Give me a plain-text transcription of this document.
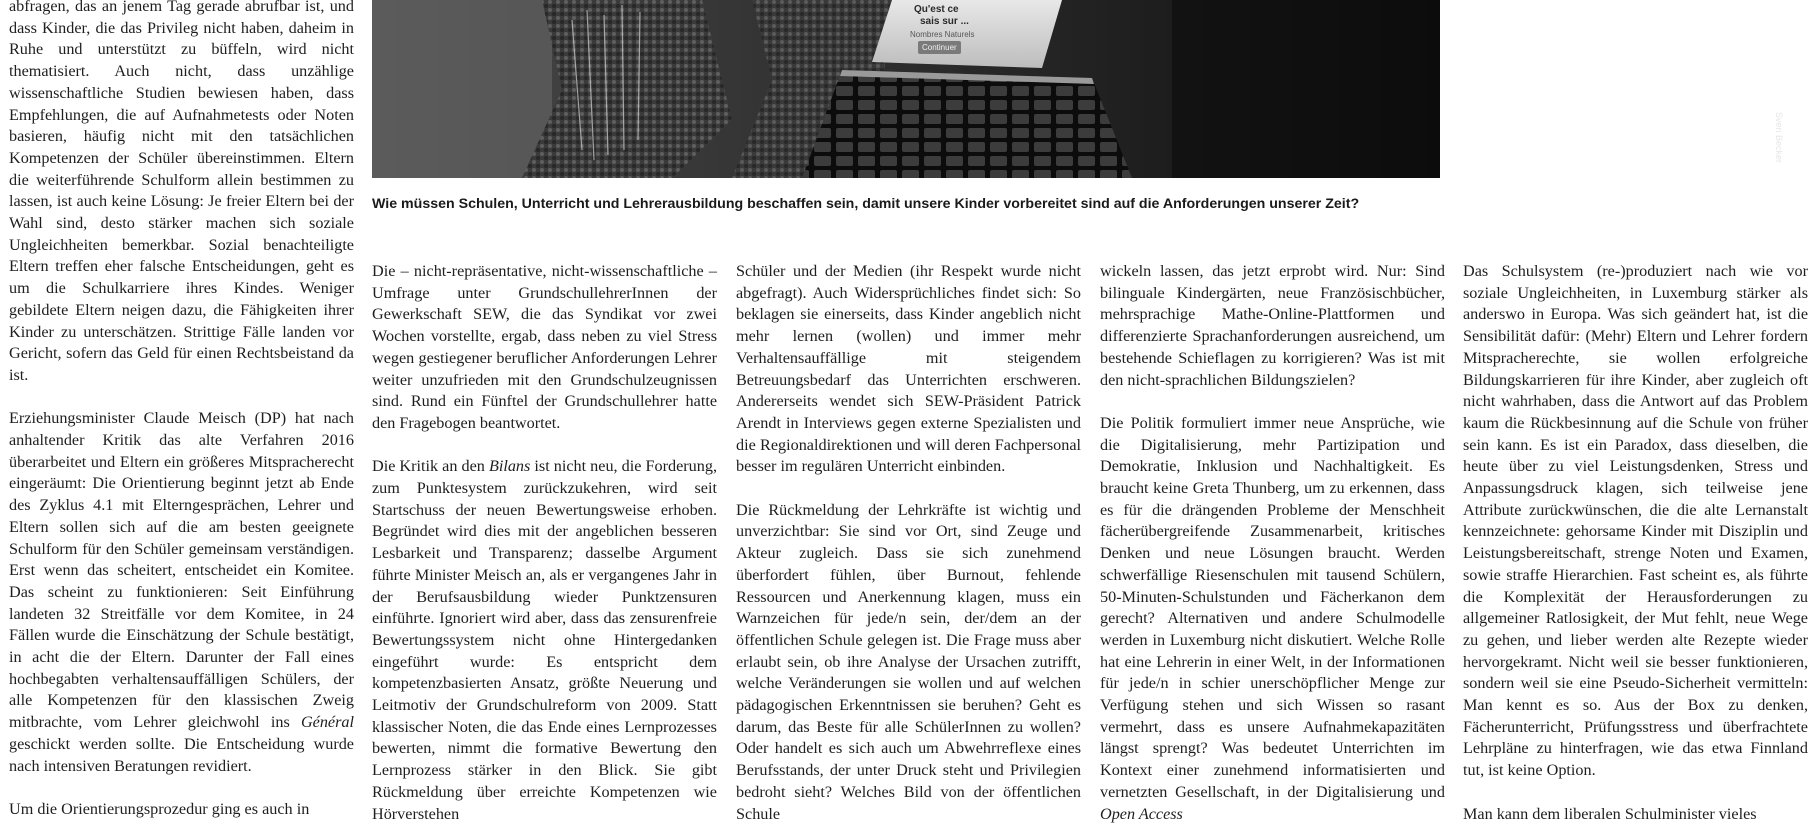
Qu'est ce
sais sur ...
Nombres Naturels
Continuer
Sven Becker
Wie müssen Schulen, Unterricht und Lehrerausbildung beschaffen sein, damit unsere Kinder vorbereitet sind auf die Anforderungen unserer Zeit?

abfragen, das an jenem Tag gerade abrufbar ist, und dass Kinder, die das Privileg nicht haben, daheim in Ruhe und unterstützt zu büffeln, wird nicht thematisiert. Auch nicht, dass unzählige wissenschaftliche Studien bewiesen haben, dass Empfehlungen, die auf Aufnahmetests oder Noten basieren, häufig nicht mit den tatsächlichen Kompetenzen der Schüler übereinstimmen. Eltern die weiterführende Schulform allein bestimmen zu lassen, ist auch keine Lösung: Je freier Eltern bei der Wahl sind, desto stärker machen sich soziale Ungleichheiten bemerkbar. Sozial benachteiligte Eltern treffen eher falsche Entscheidungen, geht es um die Schulkarriere ihres Kindes. Weniger gebildete Eltern neigen dazu, die Fähigkeiten ihrer Kinder zu unterschätzen. Strittige Fälle landen vor Gericht, sofern das Geld für einen Rechtsbeistand da ist.

Erziehungsminister Claude Meisch (DP) hat nach anhaltender Kritik das alte Verfahren 2016 überarbeitet und Eltern ein größeres Mitspracherecht eingeräumt: Die Orientierung beginnt jetzt ab Ende des Zyklus 4.1 mit Elterngesprächen, Lehrer und Eltern sollen sich auf die am besten geeignete Schulform für den Schüler gemeinsam verständigen. Erst wenn das scheitert, entscheidet ein Komitee. Das scheint zu funktionieren: Seit Einführung landeten 32 Streitfälle vor dem Komitee, in 24 Fällen wurde die Einschätzung der Schule bestätigt, in acht die der Eltern. Darunter der Fall eines hochbegabten verhaltensauffälligen Schülers, der alle Kompetenzen für den klassischen Zweig mitbrachte, vom Lehrer gleichwohl ins Général geschickt werden sollte. Die Entscheidung wurde nach intensiven Beratungen revidiert.

Um die Orientierungsprozedur ging es auch in

Die – nicht-repräsentative, nicht-wissenschaftliche – Umfrage unter GrundschullehrerInnen der Gewerkschaft SEW, die das Syndikat vor zwei Wochen vorstellte, ergab, dass neben zu viel Stress wegen gestiegener beruflicher Anforderungen Lehrer weiter unzufrieden mit den Grundschulzeugnissen sind. Rund ein Fünftel der Grundschullehrer hatte den Fragebogen beantwortet.

Die Kritik an den Bilans ist nicht neu, die Forderung, zum Punktesystem zurückzukehren, wird seit Startschuss der neuen Bewertungsweise erhoben. Begründet wird dies mit der angeblichen besseren Lesbarkeit und Transparenz; dasselbe Argument führte Minister Meisch an, als er vergangenes Jahr in der Berufsausbildung wieder Punktzensuren einführte. Ignoriert wird aber, dass das zensurenfreie Bewertungssystem nicht ohne Hintergedanken eingeführt wurde: Es entspricht dem kompetenzbasierten Ansatz, größte Neuerung und Leitmotiv der Grundschulreform von 2009. Statt klassischer Noten, die das Ende eines Lernprozesses bewerten, nimmt die formative Bewertung den Lernprozess stärker in den Blick. Sie gibt Rückmeldung über erreichte Kompetenzen wie Hörverstehen

Schüler und der Medien (ihr Respekt wurde nicht abgefragt). Auch Widersprüchliches findet sich: So beklagen sie einerseits, dass Kinder angeblich nicht mehr lernen (wollen) und immer mehr Verhaltensauffällige mit steigendem Betreuungsbedarf das Unterrichten erschweren. Andererseits wendet sich SEW-Präsident Patrick Arendt in Interviews gegen externe Spezialisten und die Regionaldirektionen und will deren Fachpersonal besser im regulären Unterricht einbinden.

Die Rückmeldung der Lehrkräfte ist wichtig und unverzichtbar: Sie sind vor Ort, sind Zeuge und Akteur zugleich. Dass sie sich zunehmend überfordert fühlen, über Burnout, fehlende Ressourcen und Anerkennung klagen, muss ein Warnzeichen für jede/n sein, der/dem an der öffentlichen Schule gelegen ist. Die Frage muss aber erlaubt sein, ob ihre Analyse der Ursachen zutrifft, welche Veränderungen sie wollen und auf welchen pädagogischen Erkenntnissen sie beruhen? Geht es darum, das Beste für alle SchülerInnen zu wollen? Oder handelt es sich auch um Abwehrreflexe eines Berufsstands, der unter Druck steht und Privilegien bedroht sieht? Welches Bild von der öffentlichen Schule

wickeln lassen, das jetzt erprobt wird. Nur: Sind bilinguale Kindergärten, neue Französischbücher, mehrsprachige Mathe-Online-Plattformen und differenzierte Sprachanforderungen ausreichend, um bestehende Schieflagen zu korrigieren? Was ist mit den nicht-sprachlichen Bildungszielen?

Die Politik formuliert immer neue Ansprüche, wie die Digitalisierung, mehr Partizipation und Demokratie, Inklusion und Nachhaltigkeit. Es braucht keine Greta Thunberg, um zu erkennen, dass es für die drängenden Probleme der Menschheit fächerübergreifende Zusammenarbeit, kritisches Denken und neue Lösungen braucht. Werden schwerfällige Riesenschulen mit tausend Schülern, 50-Minuten-Schulstunden und Fächerkanon dem gerecht? Alternativen und andere Schulmodelle werden in Luxemburg nicht diskutiert. Welche Rolle hat eine Lehrerin in einer Welt, in der Informationen für jede/n in schier unerschöpflicher Menge zur Verfügung stehen und sich Wissen so rasant vermehrt, dass es unsere Aufnahmekapazitäten längst sprengt? Was bedeutet Unterrichten im Kontext einer zunehmend informatisierten und vernetzten Gesellschaft, in der Digitalisierung und Open Access

Das Schulsystem (re-)produziert nach wie vor soziale Ungleichheiten, in Luxemburg stärker als anderswo in Europa. Was sich geändert hat, ist die Sensibilität dafür: (Mehr) Eltern und Lehrer fordern Mitspracherechte, sie wollen erfolgreiche Bildungskarrieren für ihre Kinder, aber zugleich oft nicht wahrhaben, dass die Antwort auf das Problem kaum die Rückbesinnung auf die Schule von früher sein kann. Es ist ein Paradox, dass dieselben, die heute über zu viel Leistungsdenken, Stress und Anpassungsdruck klagen, sich teilweise jene Attribute zurückwünschen, die die alte Lernanstalt kennzeichnete: gehorsame Kinder mit Disziplin und Leistungsbereitschaft, strenge Noten und Examen, sowie straffe Hierarchien. Fast scheint es, als führte die Komplexität der Herausforderungen zu allgemeiner Ratlosigkeit, der Mut fehlt, neue Wege zu gehen, und lieber werden alte Rezepte wieder hervorgekramt. Nicht weil sie besser funktionieren, sondern weil sie eine Pseudo-Sicherheit vermitteln: Man kennt es so. Aus der Box zu denken, Fächerunterricht, Prüfungsstress und überfrachtete Lehrpläne zu hinterfragen, wie das etwa Finnland tut, ist keine Option.

Man kann dem liberalen Schulminister vieles
